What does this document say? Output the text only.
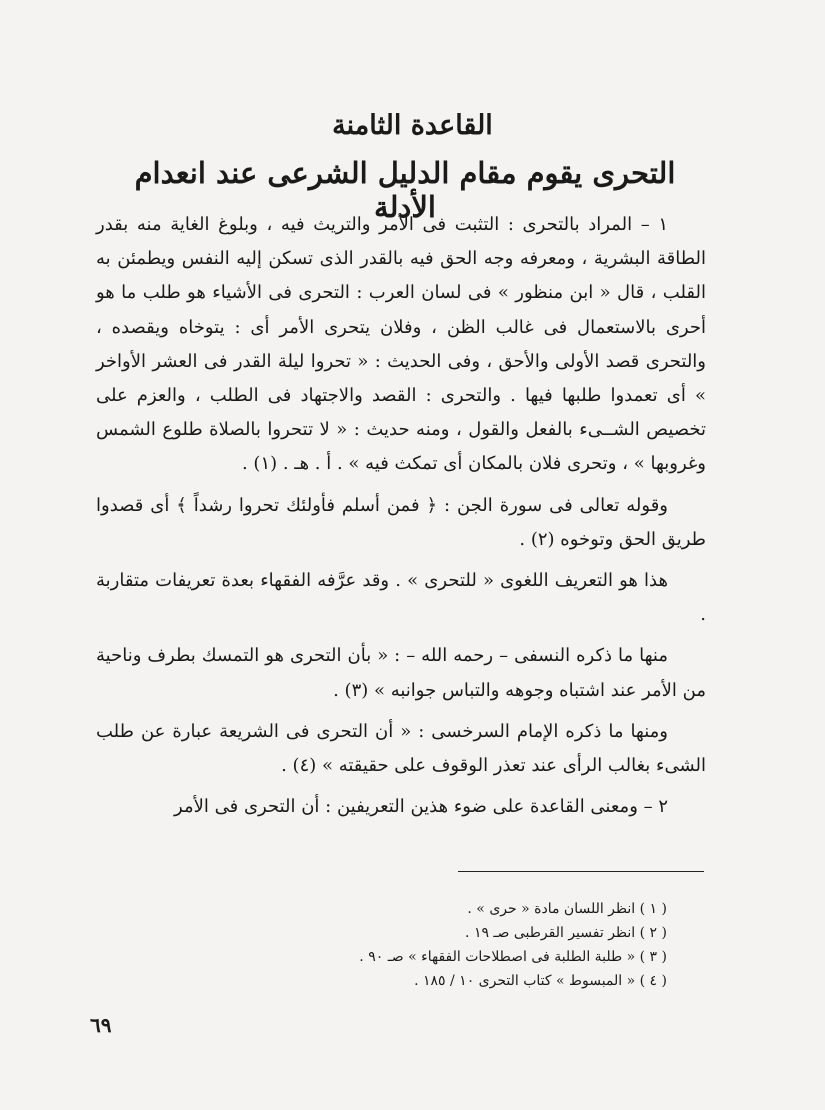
القاعدة الثامنة
التحرى يقوم مقام الدليل الشرعى عند انعدام الأدلة

١ – المراد بالتحرى : التثبت فى الأمر والتريث فيه ، وبلوغ الغاية منه بقدر الطاقة البشرية ، ومعرفه وجه الحق فيه بالقدر الذى تسكن إليه النفس ويطمئن به القلب ، قال « ابن منظور » فى لسان العرب : التحرى فى الأشياء هو طلب ما هو أحرى بالاستعمال فى غالب الظن ، وفلان يتحرى الأمر أى : يتوخاه ويقصده ، والتحرى قصد الأولى والأحق ، وفى الحديث : « تحروا ليلة القدر فى العشر الأواخر » أى تعمدوا طلبها فيها . والتحرى : القصد والاجتهاد فى الطلب ، والعزم على تخصيص الشــىء بالفعل والقول ، ومنه حديث : « لا تتحروا بالصلاة طلوع الشمس وغروبها » ، وتحرى فلان بالمكان أى تمكث فيه » . أ . هـ . (١) .

وقوله تعالى فى سورة الجن : ﴿ فمن أسلم فأولئك تحروا رشداً ﴾ أى قصدوا طريق الحق وتوخوه (٢) .

هذا هو التعريف اللغوى « للتحرى » . وقد عرَّفه الفقهاء بعدة تعريفات متقاربة .

منها ما ذكره النسفى – رحمه الله – : « بأن التحرى هو التمسك بطرف وناحية من الأمر عند اشتباه وجوهه والتباس جوانبه » (٣) .

ومنها ما ذكره الإمام السرخسى : « أن التحرى فى الشريعة عبارة عن طلب الشىء بغالب الرأى عند تعذر الوقوف على حقيقته » (٤) .

٢ – ومعنى القاعدة على ضوء هذين التعريفين : أن التحرى فى الأمر

( ١ ) انظر اللسان مادة « حرى » .
( ٢ ) انظر تفسير القرطبى صـ ١٩ .
( ٣ ) « طلبة الطلبة فى اصطلاحات الفقهاء » صـ ٩٠ .
( ٤ ) « المبسوط » كتاب التحرى ١٠ / ١٨٥ .
٦٩
